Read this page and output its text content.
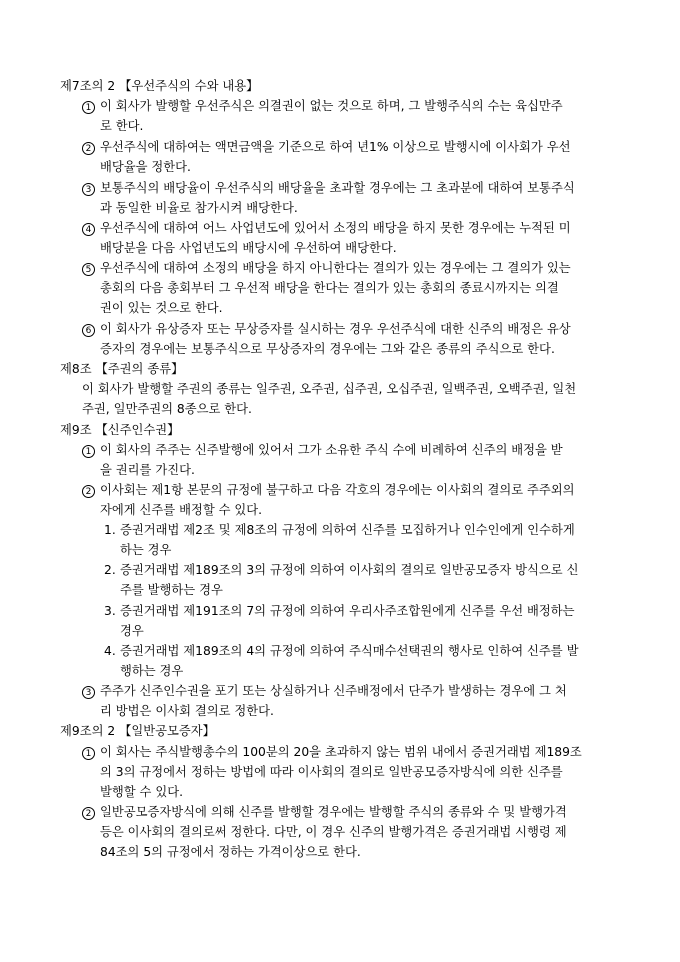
제7조의 2 【우선주식의 수와 내용】
1 이 회사가 발행할 우선주식은 의결권이 없는 것으로 하며, 그 발행주식의 수는 육십만주
로 한다.
2 우선주식에 대하여는 액면금액을 기준으로 하여 년1% 이상으로 발행시에 이사회가 우선
배당율을 정한다.
3 보통주식의 배당율이 우선주식의 배당율을 초과할 경우에는 그 초과분에 대하여 보통주식
과 동일한 비율로 참가시켜 배당한다.
4 우선주식에 대하여 어느 사업년도에 있어서 소정의 배당을 하지 못한 경우에는 누적된 미
배당분을 다음 사업년도의 배당시에 우선하여 배당한다.
5 우선주식에 대하여 소정의 배당을 하지 아니한다는 결의가 있는 경우에는 그 결의가 있는
총회의 다음 총회부터 그 우선적 배당을 한다는 결의가 있는 총회의 종료시까지는 의결
권이 있는 것으로 한다.
6 이 회사가 유상증자 또는 무상증자를 실시하는 경우 우선주식에 대한 신주의 배정은 유상
증자의 경우에는 보통주식으로 무상증자의 경우에는 그와 같은 종류의 주식으로 한다.
제8조 【주권의 종류】
이 회사가 발행할 주권의 종류는 일주권, 오주권, 십주권, 오십주권, 일백주권, 오백주권, 일천
주권, 일만주권의 8종으로 한다.
제9조 【신주인수권】
1 이 회사의 주주는 신주발행에 있어서 그가 소유한 주식 수에 비례하여 신주의 배정을 받
을 권리를 가진다.
2 이사회는 제1항 본문의 규정에 불구하고 다음 각호의 경우에는 이사회의 결의로 주주외의
자에게 신주를 배정할 수 있다.
1. 증권거래법 제2조 및 제8조의 규정에 의하여 신주를 모집하거나 인수인에게 인수하게
하는 경우
2. 증권거래법 제189조의 3의 규정에 의하여 이사회의 결의로 일반공모증자 방식으로 신
주를 발행하는 경우
3. 증권거래법 제191조의 7의 규정에 의하여 우리사주조합원에게 신주를 우선 배정하는
경우
4. 증권거래법 제189조의 4의 규정에 의하여 주식매수선택권의 행사로 인하여 신주를 발
행하는 경우
3 주주가 신주인수권을 포기 또는 상실하거나 신주배정에서 단주가 발생하는 경우에 그 처
리 방법은 이사회 결의로 정한다.
제9조의 2 【일반공모증자】
1 이 회사는 주식발행총수의 100분의 20을 초과하지 않는 범위 내에서 증권거래법 제189조
의 3의 규정에서 정하는 방법에 따라 이사회의 결의로 일반공모증자방식에 의한 신주를
발행할 수 있다.
2 일반공모증자방식에 의해 신주를 발행할 경우에는 발행할 주식의 종류와 수 및 발행가격
등은 이사회의 결의로써 정한다. 다만, 이 경우 신주의 발행가격은 증권거래법 시행령 제
84조의 5의 규정에서 정하는 가격이상으로 한다.
